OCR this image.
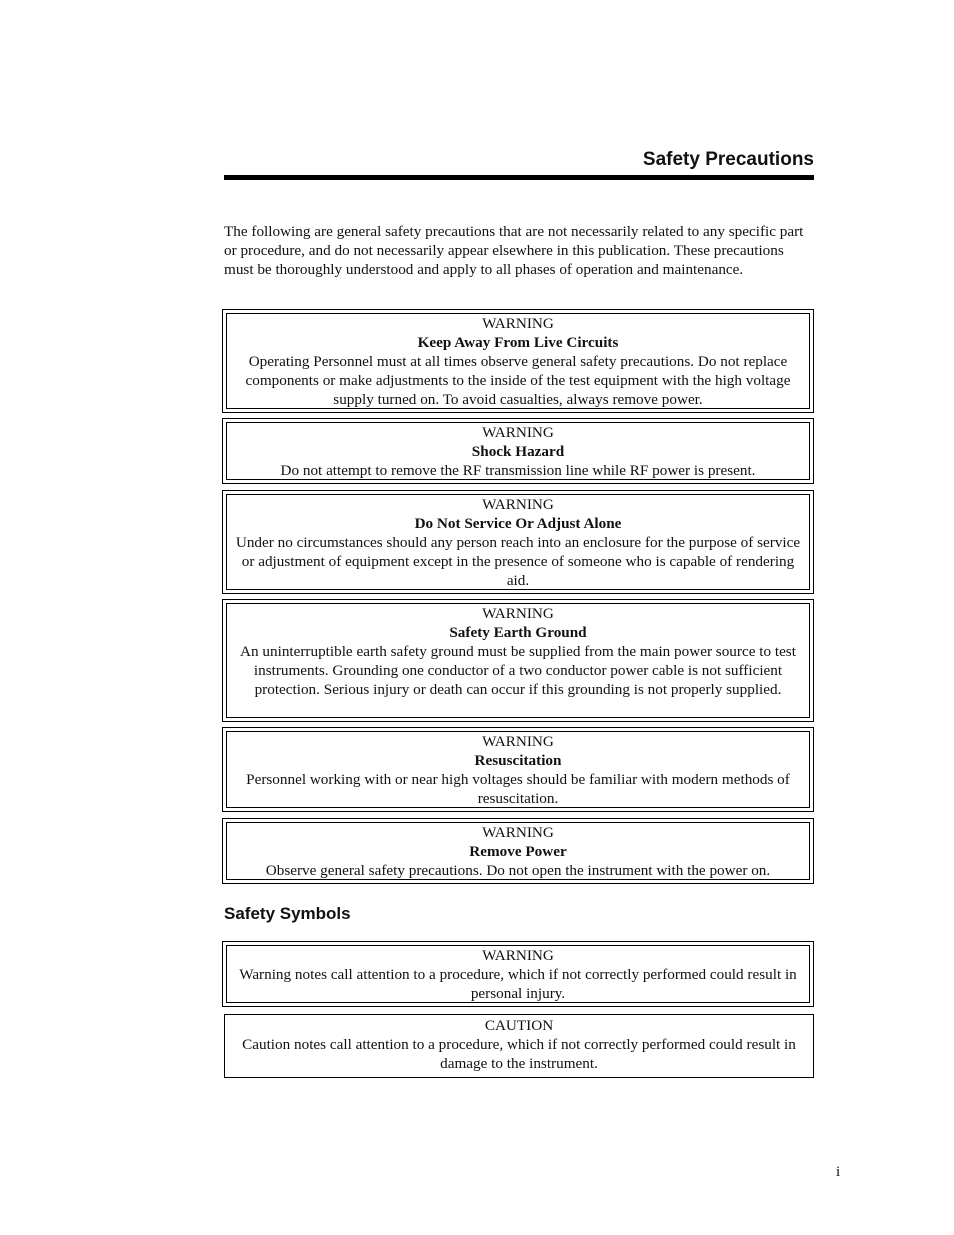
Safety Precautions

The following are general safety precautions that are not necessarily related to any specific part or procedure, and do not necessarily appear elsewhere in this publication. These precautions must be thoroughly understood and apply to all phases of operation and maintenance.

WARNING
Keep Away From Live Circuits
Operating Personnel must at all times observe general safety precautions. Do not replace components or make adjustments to the inside of the test equipment with the high voltage supply turned on. To avoid casualties, always remove power.
WARNING
Shock Hazard
Do not attempt to remove the RF transmission line while RF power is present.
WARNING
Do Not Service Or Adjust Alone
Under no circumstances should any person reach into an enclosure for the purpose of service or adjustment of equipment except in the presence of someone who is capable of rendering aid.
WARNING
Safety Earth Ground
An uninterruptible earth safety ground must be supplied from the main power source to test instruments. Grounding one conductor of a two conductor power cable is not sufficient protection. Serious injury or death can occur if this grounding is not properly supplied.
WARNING
Resuscitation
Personnel working with or near high voltages should be familiar with modern methods of resuscitation.
WARNING
Remove Power
Observe general safety precautions. Do not open the instrument with the power on.
Safety Symbols
WARNING
Warning notes call attention to a procedure, which if not correctly performed could result in personal injury.
CAUTION
Caution notes call attention to a procedure, which if not correctly performed could result in damage to the instrument.
i
